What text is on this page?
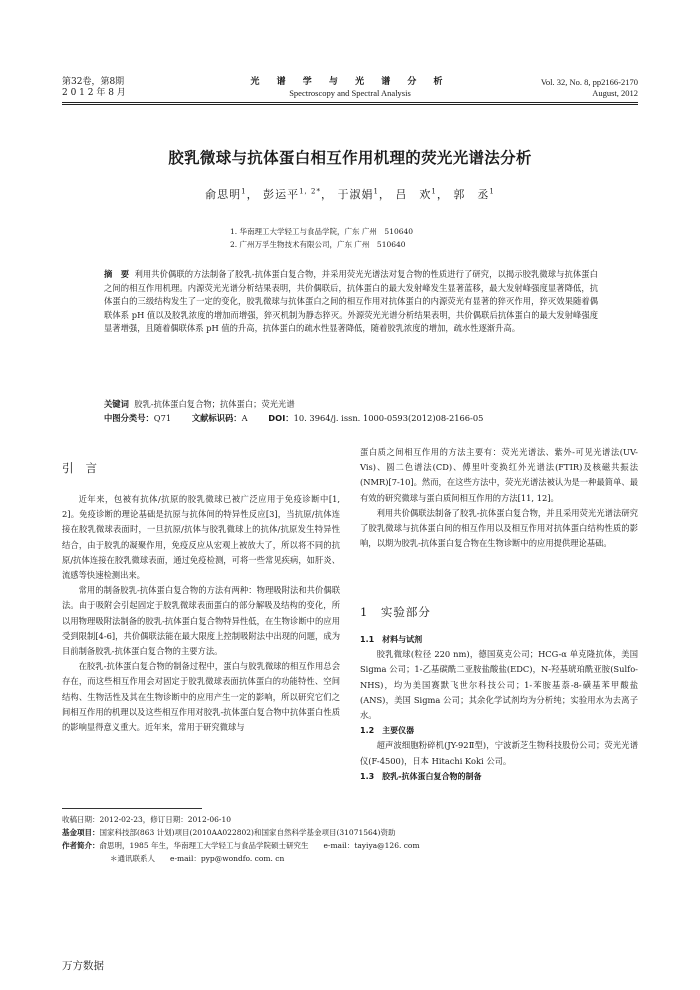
第32卷，第8期
2 0 1 2 年 8 月
光 谱 学 与 光 谱 分 析
Spectroscopy and Spectral Analysis
Vol. 32, No. 8, pp2166-2170
August, 2012
胶乳微球与抗体蛋白相互作用机理的荧光光谱法分析
俞思明$^1$， 彭运平$^{1, 2*}$， 于淑娟$^1$， 吕　欢$^1$， 郭　丞$^1$
1. 华南理工大学轻工与食品学院，广东 广州　510640
2. 广州万孚生物技术有限公司，广东 广州　510640
摘　要 利用共价偶联的方法制备了胶乳-抗体蛋白复合物，并采用荧光光谱法对复合物的性质进行了研究，以揭示胶乳微球与抗体蛋白之间的相互作用机理。内源荧光光谱分析结果表明，共价偶联后，抗体蛋白的最大发射峰发生显著蓝移，最大发射峰强度显著降低，抗体蛋白的三级结构发生了一定的变化，胶乳微球与抗体蛋白之间的相互作用对抗体蛋白的内源荧光有显著的猝灭作用，猝灭效果随着偶联体系 pH 值以及胶乳浓度的增加而增强，猝灭机制为静态猝灭。外源荧光光谱分析结果表明，共价偶联后抗体蛋白的最大发射峰强度显著增强，且随着偶联体系 pH 值的升高，抗体蛋白的疏水性显著降低，随着胶乳浓度的增加，疏水性逐渐升高。
关键词 胶乳-抗体蛋白复合物；抗体蛋白；荧光光谱
中图分类号：Q71 文献标识码：A DOI：10. 3964/j. issn. 1000-0593(2012)08-2166-05
引言

近年来，包被有抗体/抗原的胶乳微球已被广泛应用于免疫诊断中[1, 2]。免疫诊断的理论基础是抗原与抗体间的特异性反应[3]，当抗原/抗体连接在胶乳微球表面时，一旦抗原/抗体与胶乳微球上的抗体/抗原发生特异性结合，由于胶乳的凝聚作用，免疫反应从宏观上被放大了，所以将不同的抗原/抗体连接在胶乳微球表面，通过免疫检测，可将一些常见疾病，如肝炎、流感等快速检测出来。

常用的制备胶乳-抗体蛋白复合物的方法有两种：物理吸附法和共价偶联法。由于吸附会引起固定于胶乳微球表面蛋白的部分解吸及结构的变化，所以用物理吸附法制备的胶乳-抗体蛋白复合物特异性低，在生物诊断中的应用受到限制[4-6]，共价偶联法能在最大限度上控制吸附法中出现的问题，成为目前制备胶乳-抗体蛋白复合物的主要方法。

在胶乳-抗体蛋白复合物的制备过程中，蛋白与胶乳微球的相互作用总会存在，而这些相互作用会对固定于胶乳微球表面抗体蛋白的功能特性、空间结构、生物活性及其在生物诊断中的应用产生一定的影响，所以研究它们之间相互作用的机理以及这些相互作用对胶乳-抗体蛋白复合物中抗体蛋白性质的影响显得意义重大。近年来，常用于研究微球与

蛋白质之间相互作用的方法主要有：荧光光谱法、紫外-可见光谱法(UV-Vis)、圆二色谱法(CD)、傅里叶变换红外光谱法(FTIR)及核磁共振法(NMR)[7-10]。然而，在这些方法中，荧光光谱法被认为是一种最简单、最有效的研究微球与蛋白质间相互作用的方法[11, 12]。

利用共价偶联法制备了胶乳-抗体蛋白复合物，并且采用荧光光谱法研究了胶乳微球与抗体蛋白间的相互作用以及相互作用对抗体蛋白结构性质的影响，以期为胶乳-抗体蛋白复合物在生物诊断中的应用提供理论基础。

1　实验部分
1.1　材料与试剂

胶乳微球(粒径 220 nm)，德国莫克公司；HCG-α 单克隆抗体，美国 Sigma 公司；1-乙基碳酰二亚胺盐酸盐(EDC)，N-羟基琥珀酰亚胺(Sulfo-NHS)，均为美国赛默飞世尔科技公司；1-苯胺基萘-8-磺基苯甲酸盐(ANS)，美国 Sigma 公司；其余化学试剂均为分析纯；实验用水为去离子水。

1.2　主要仪器

超声波细胞粉碎机(JY-92Ⅱ型)，宁波新芝生物科技股份公司；荧光光谱仪(F-4500)，日本 Hitachi Koki 公司。

1.3　胶乳-抗体蛋白复合物的制备
收稿日期：2012-02-23，修订日期：2012-06-10
基金项目：国家科技部(863 计划)项目(2010AA022802)和国家自然科学基金项目(31071564)资助
作者简介：俞思明，1985 年生，华南理工大学轻工与食品学院硕士研究生　　e-mail：tayiya@126. com
＊通讯联系人　　e-mail：pyp@wondfo. com. cn
万方数据
